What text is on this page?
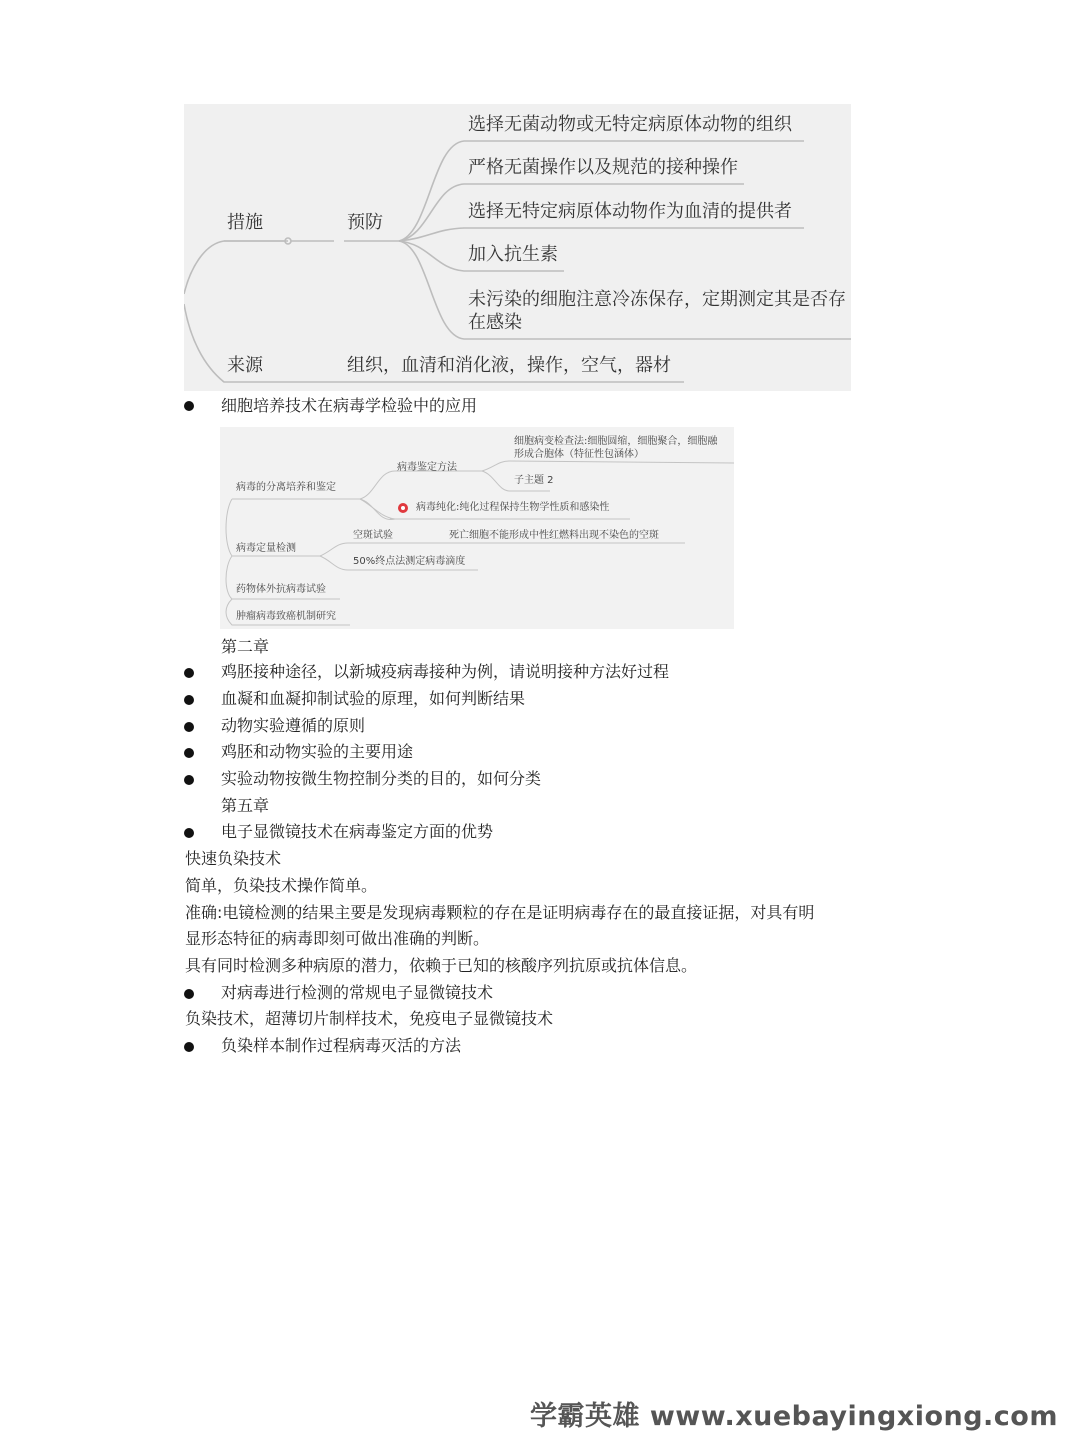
措施	预防
选择无菌动物或无特定病原体动物的组织
严格无菌操作以及规范的接种操作
选择无特定病原体动物作为血清的提供者
加入抗生素
未污染的细胞注意冷冻保存，定期测定其是否存
在感染
来源	组织，血清和消化液，操作，空气，器材
细胞培养技术在病毒学检验中的应用
病毒的分离培养和鉴定
病毒鉴定方法
细胞病变检查法:细胞圆缩，细胞聚合，细胞融
形成合胞体（特征性包涵体）
子主题 2
病毒纯化:纯化过程保持生物学性质和感染性
病毒定量检测
空斑试验	死亡细胞不能形成中性红燃料出现不染色的空斑
50%终点法测定病毒滴度
药物体外抗病毒试验
肿瘤病毒致癌机制研究
第二章
鸡胚接种途径，以新城疫病毒接种为例，请说明接种方法好过程
血凝和血凝抑制试验的原理，如何判断结果
动物实验遵循的原则
鸡胚和动物实验的主要用途
实验动物按微生物控制分类的目的，如何分类
第五章
电子显微镜技术在病毒鉴定方面的优势
快速负染技术
简单，负染技术操作简单。
准确:电镜检测的结果主要是发现病毒颗粒的存在是证明病毒存在的最直接证据，对具有明
显形态特征的病毒即刻可做出准确的判断。
具有同时检测多种病原的潜力，依赖于已知的核酸序列抗原或抗体信息。
对病毒进行检测的常规电子显微镜技术
负染技术，超薄切片制样技术，免疫电子显微镜技术
负染样本制作过程病毒灭活的方法
学霸英雄 www.xuebayingxiong.com
